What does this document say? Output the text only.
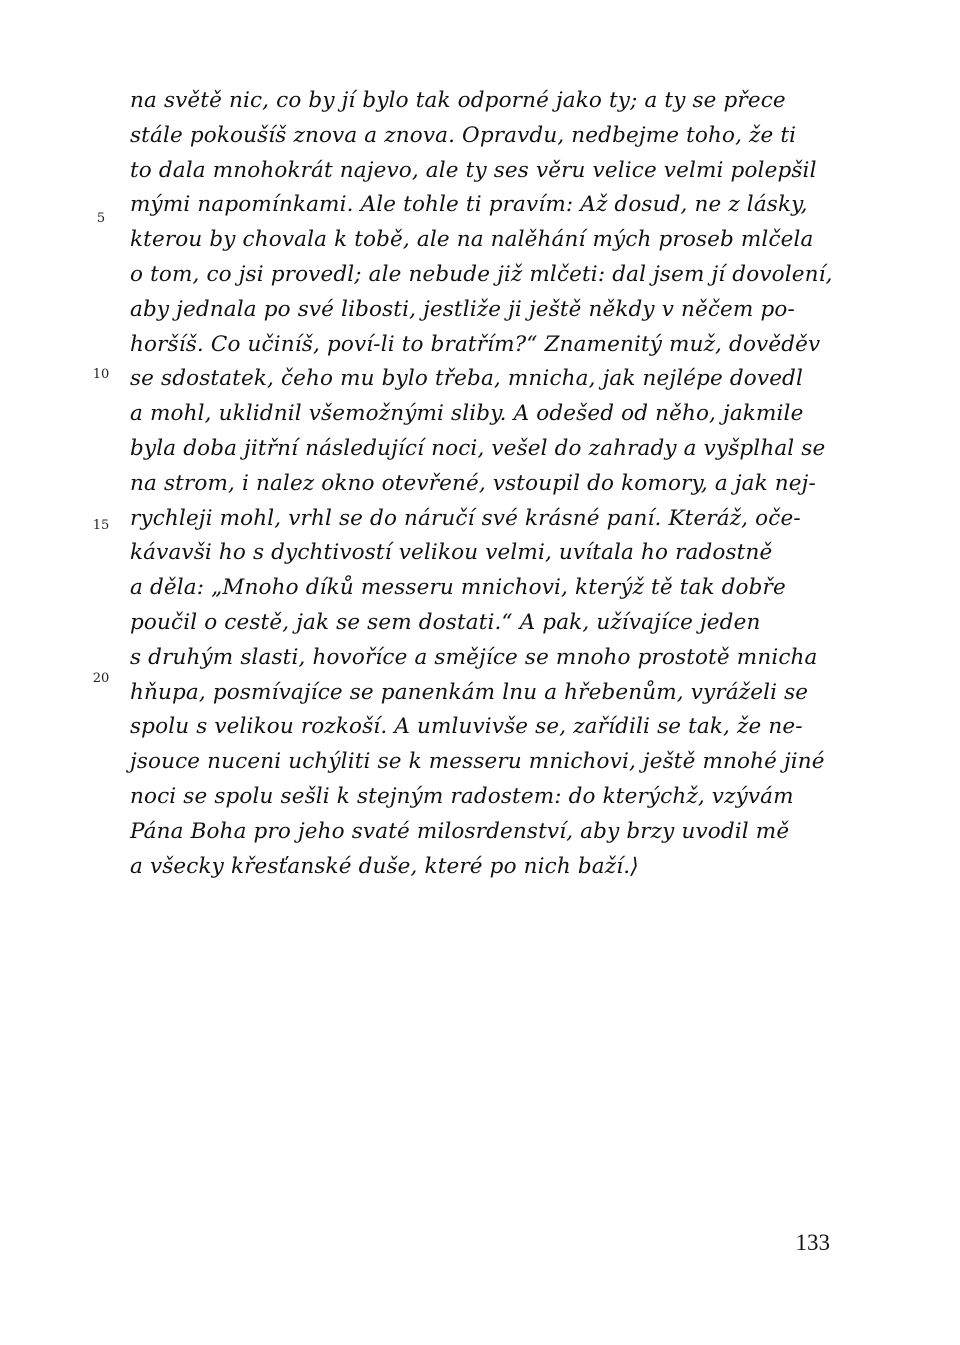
na světě nic, co by jí bylo tak odporné jako ty; a ty se přece
stále pokoušíš znova a znova. Opravdu, nedbejme toho, že ti
to dala mnohokrát najevo, ale ty ses věru velice velmi polepšil
mými napomínkami. Ale tohle ti pravím: Až dosud, ne z lásky,
kterou by chovala k tobě, ale na nalěhání mých proseb mlčela
o tom, co jsi provedl; ale nebude již mlčeti: dal jsem jí dovolení,
aby jednala po své libosti, jestliže ji ještě někdy v něčem po-
horšíš. Co učiníš, poví-li to bratřím?“ Znamenitý muž, dověděv
se sdostatek, čeho mu bylo třeba, mnicha, jak nejlépe dovedl
a mohl, uklidnil všemožnými sliby. A odešed od něho, jakmile
byla doba jitřní následující noci, vešel do zahrady a vyšplhal se
na strom, i nalez okno otevřené, vstoupil do komory, a jak nej-
rychleji mohl, vrhl se do náručí své krásné paní. Kteráž, oče-
kávavši ho s dychtivostí velikou velmi, uvítala ho radostně
a děla: „Mnoho díků messeru mnichovi, kterýž tě tak dobře
poučil o cestě, jak se sem dostati.“ A pak, užívajíce jeden
s druhým slasti, hovoříce a smějíce se mnoho prostotě mnicha
hňupa, posmívajíce se panenkám lnu a hřebenům, vyráželi se
spolu s velikou rozkoší. A umluvivše se, zařídili se tak, že ne-
jsouce nuceni uchýliti se k messeru mnichovi, ještě mnohé jiné
noci se spolu sešli k stejným radostem: do kterýchž, vzývám
Pána Boha pro jeho svaté milosrdenství, aby brzy uvodil mě
a všecky křesťanské duše, které po nich baží.⟩
5
10
15
20
133
